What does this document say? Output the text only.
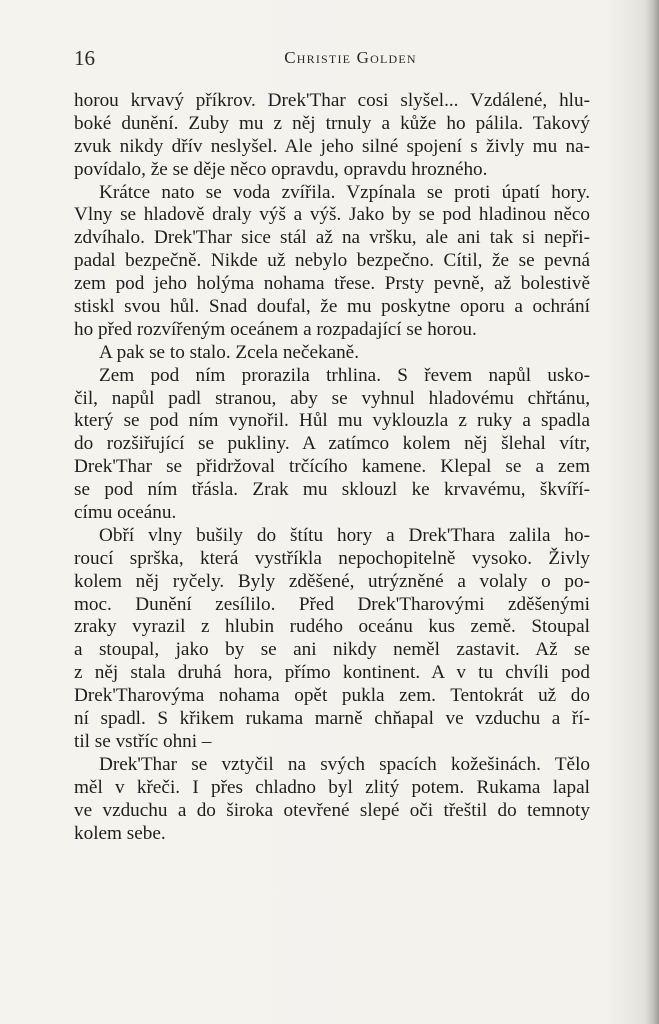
16	Christie Golden
horou krvavý příkrov. Drek'Thar cosi slyšel... Vzdálené, hlu-
boké dunění. Zuby mu z něj trnuly a kůže ho pálila. Takový
zvuk nikdy dřív neslyšel. Ale jeho silné spojení s živly mu na-
povídalo, že se děje něco opravdu, opravdu hrozného.
Krátce nato se voda zvířila. Vzpínala se proti úpatí hory.
Vlny se hladově draly výš a výš. Jako by se pod hladinou něco
zdvíhalo. Drek'Thar sice stál až na vršku, ale ani tak si nepři-
padal bezpečně. Nikde už nebylo bezpečno. Cítil, že se pevná
zem pod jeho holýma nohama třese. Prsty pevně, až bolestivě
stiskl svou hůl. Snad doufal, že mu poskytne oporu a ochrání
ho před rozvířeným oceánem a rozpadající se horou.
A pak se to stalo. Zcela nečekaně.
Zem pod ním prorazila trhlina. S řevem napůl usko-
čil, napůl padl stranou, aby se vyhnul hladovému chřtánu,
který se pod ním vynořil. Hůl mu vyklouzla z ruky a spadla
do rozšiřující se pukliny. A zatímco kolem něj šlehal vítr,
Drek'Thar se přidržoval trčícího kamene. Klepal se a zem
se pod ním třásla. Zrak mu sklouzl ke krvavému, škvíří-
címu oceánu.
Obří vlny bušily do štítu hory a Drek'Thara zalila ho-
roucí sprška, která vystříkla nepochopitelně vysoko. Živly
kolem něj ryčely. Byly zděšené, utrýzněné a volaly o po-
moc. Dunění zesílilo. Před Drek'Tharovými zděšenými
zraky vyrazil z hlubin rudého oceánu kus země. Stoupal
a stoupal, jako by se ani nikdy neměl zastavit. Až se
z něj stala druhá hora, přímo kontinent. A v tu chvíli pod
Drek'Tharovýma nohama opět pukla zem. Tentokrát už do
ní spadl. S křikem rukama marně chňapal ve vzduchu a ří-
til se vstříc ohni –
Drek'Thar se vztyčil na svých spacích kožešinách. Tělo
měl v křeči. I přes chladno byl zlitý potem. Rukama lapal
ve vzduchu a do široka otevřené slepé oči třeštil do temnoty
kolem sebe.
